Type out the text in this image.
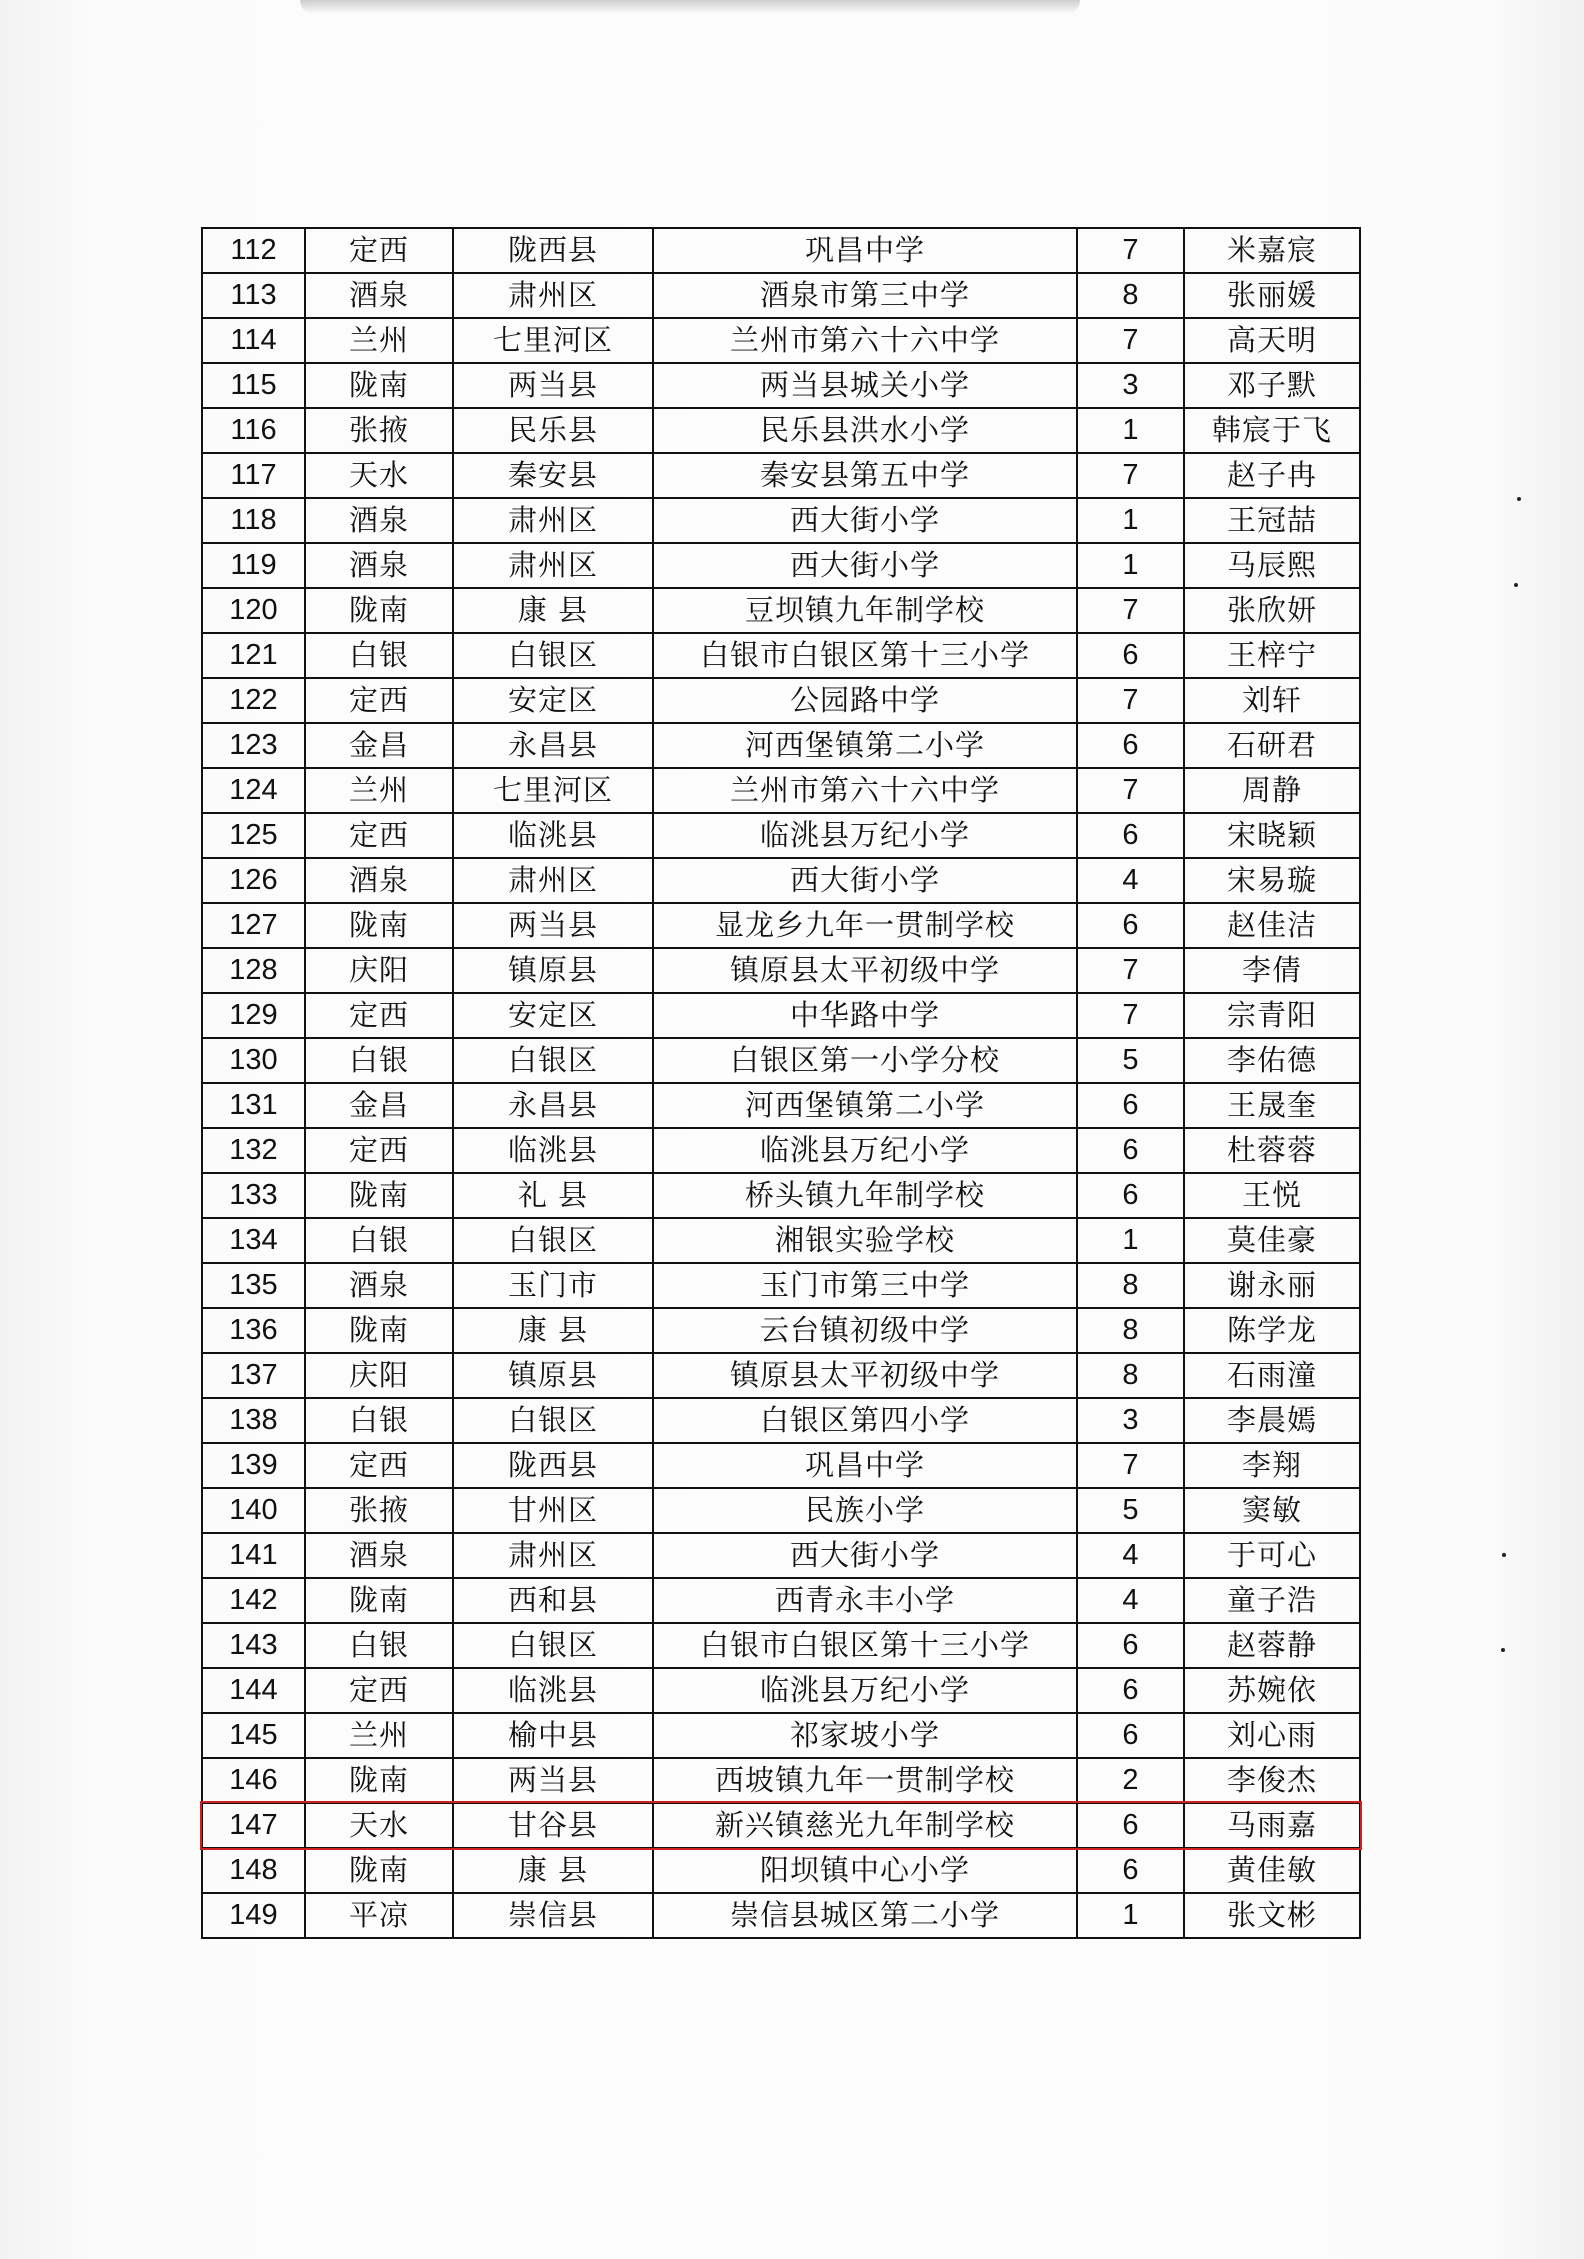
112	定西	陇西县	巩昌中学	7	米嘉宸
113	酒泉	肃州区	酒泉市第三中学	8	张丽媛
114	兰州	七里河区	兰州市第六十六中学	7	高天明
115	陇南	两当县	两当县城关小学	3	邓子默
116	张掖	民乐县	民乐县洪水小学	1	韩宸于飞
117	天水	秦安县	秦安县第五中学	7	赵子冉
118	酒泉	肃州区	西大街小学	1	王冠喆
119	酒泉	肃州区	西大街小学	1	马辰熙
120	陇南	康 县	豆坝镇九年制学校	7	张欣妍
121	白银	白银区	白银市白银区第十三小学	6	王梓宁
122	定西	安定区	公园路中学	7	刘轩
123	金昌	永昌县	河西堡镇第二小学	6	石研君
124	兰州	七里河区	兰州市第六十六中学	7	周静
125	定西	临洮县	临洮县万纪小学	6	宋晓颖
126	酒泉	肃州区	西大街小学	4	宋易璇
127	陇南	两当县	显龙乡九年一贯制学校	6	赵佳洁
128	庆阳	镇原县	镇原县太平初级中学	7	李倩
129	定西	安定区	中华路中学	7	宗青阳
130	白银	白银区	白银区第一小学分校	5	李佑德
131	金昌	永昌县	河西堡镇第二小学	6	王晟奎
132	定西	临洮县	临洮县万纪小学	6	杜蓉蓉
133	陇南	礼 县	桥头镇九年制学校	6	王悦
134	白银	白银区	湘银实验学校	1	莫佳豪
135	酒泉	玉门市	玉门市第三中学	8	谢永丽
136	陇南	康 县	云台镇初级中学	8	陈学龙
137	庆阳	镇原县	镇原县太平初级中学	8	石雨潼
138	白银	白银区	白银区第四小学	3	李晨嫣
139	定西	陇西县	巩昌中学	7	李翔
140	张掖	甘州区	民族小学	5	窦敏
141	酒泉	肃州区	西大街小学	4	于可心
142	陇南	西和县	西青永丰小学	4	童子浩
143	白银	白银区	白银市白银区第十三小学	6	赵蓉静
144	定西	临洮县	临洮县万纪小学	6	苏婉依
145	兰州	榆中县	祁家坡小学	6	刘心雨
146	陇南	两当县	西坡镇九年一贯制学校	2	李俊杰
147	天水	甘谷县	新兴镇慈光九年制学校	6	马雨嘉
148	陇南	康 县	阳坝镇中心小学	6	黄佳敏
149	平凉	崇信县	崇信县城区第二小学	1	张文彬
